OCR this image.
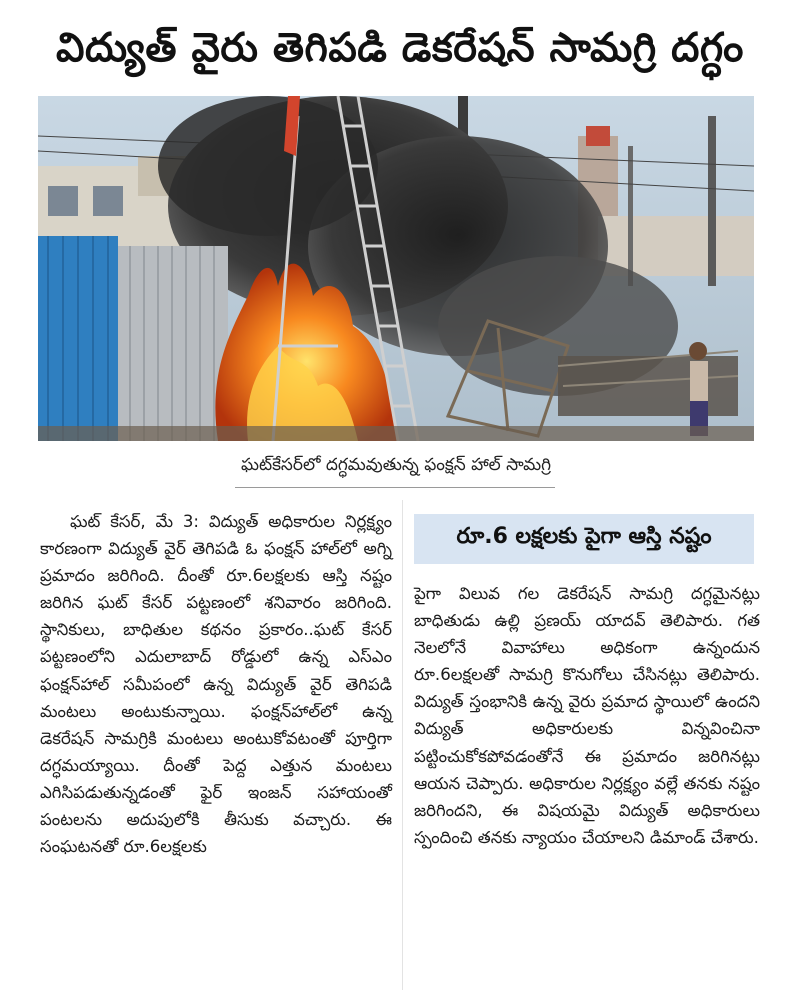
విద్యుత్ వైరు తెగిపడి డెకరేషన్ సామగ్రి దగ్ధం
ఘట్‌కేసర్‌లో దగ్ధమవుతున్న ఫంక్షన్ హాల్ సామగ్రి

ఘట్ కేసర్, మే 3: విద్యుత్ అధికారుల నిర్లక్ష్యం కారణంగా విద్యుత్ వైర్ తెగిపడి ఓ ఫంక్షన్ హాల్‌లో అగ్ని ప్రమాదం జరిగింది. దీంతో రూ.6లక్షలకు ఆస్తి నష్టం జరిగిన ఘట్ కేసర్ పట్టణంలో శనివారం జరిగింది. స్థానికులు, బాధితుల కథనం ప్రకారం..ఘట్ కేసర్ పట్టణంలోని ఎదులాబాద్ రోడ్డులో ఉన్న ఎస్ఎం ఫంక్షన్‌హాల్ సమీపంలో ఉన్న విద్యుత్ వైర్ తెగిపడి మంటలు అంటుకున్నాయి. ఫంక్షన్‌హాల్‌లో ఉన్న డెకరేషన్ సామగ్రికి మంటలు అంటుకోవటంతో పూర్తిగా దగ్ధమయ్యాయి. దీంతో పెద్ద ఎత్తున మంటలు ఎగిసిపడుతున్నడంతో ఫైర్ ఇంజన్ సహాయంతో పంటలను అదుపులోకి తీసుకు వచ్చారు. ఈ సంఘటనతో రూ.6లక్షలకు

రూ.6 లక్షలకు పైగా ఆస్తి నష్టం

పైగా విలువ గల డెకరేషన్ సామగ్రి దగ్ధమైనట్లు బాధితుడు ఉల్లి ప్రణయ్ యాదవ్ తెలిపారు. గత నెలలోనే వివాహాలు అధికంగా ఉన్నందున రూ.6లక్షలతో సామగ్రి కొనుగోలు చేసినట్లు తెలిపారు. విద్యుత్ స్తంభానికి ఉన్న వైరు ప్రమాద స్థాయిలో ఉందని విద్యుత్ అధికారులకు విన్నవించినా పట్టించుకోకపోవడంతోనే ఈ ప్రమాదం జరిగినట్లు ఆయన చెప్పారు. అధికారుల నిర్లక్ష్యం వల్లే తనకు నష్టం జరిగిందని, ఈ విషయమై విద్యుత్ అధికారులు స్పందించి తనకు న్యాయం చేయాలని డిమాండ్ చేశారు.
